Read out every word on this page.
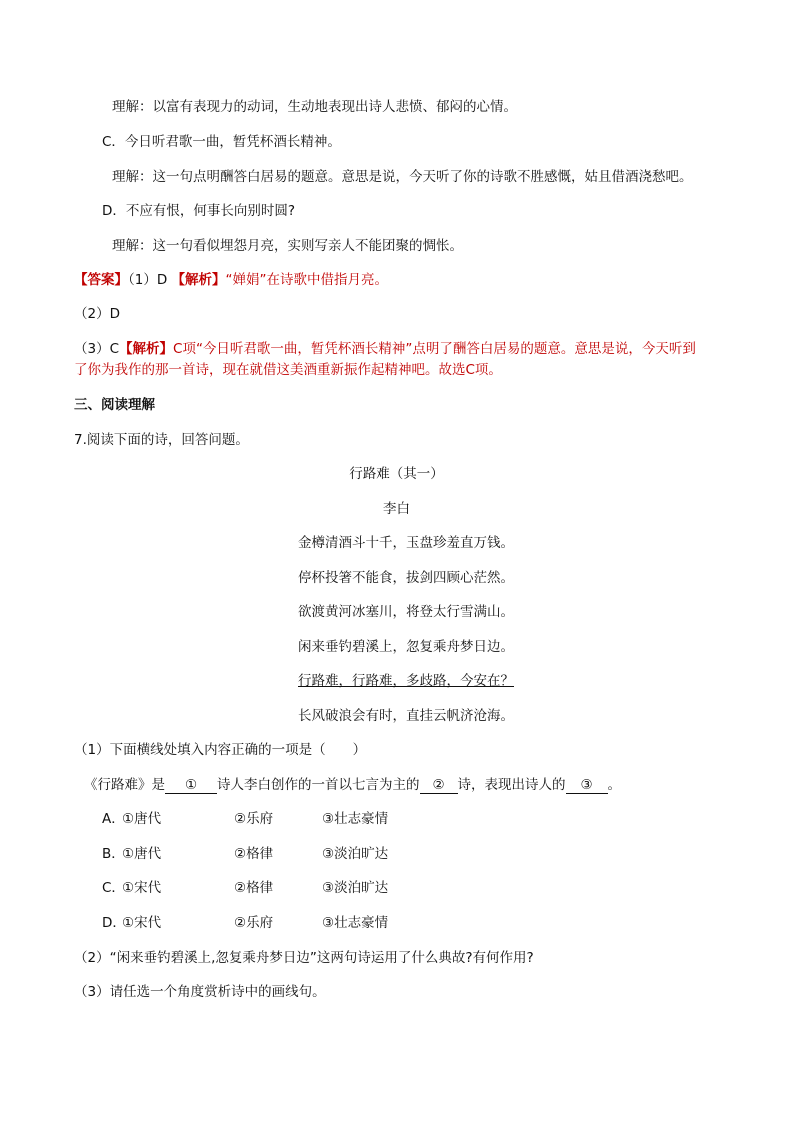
理解：以富有表现力的动词，生动地表现出诗人悲愤、郁闷的心情。
C．今日听君歌一曲，暂凭杯酒长精神。
理解：这一句点明酬答白居易的题意。意思是说，今天听了你的诗歌不胜感慨，姑且借酒浇愁吧。
D．不应有恨，何事长向别时圆?
理解：这一句看似埋怨月亮，实则写亲人不能团聚的惆怅。
【答案】（1）D 【解析】“婵娟”在诗歌中借指月亮。
（2）D
（3）C【解析】C项“今日听君歌一曲，暂凭杯酒长精神”点明了酬答白居易的题意。意思是说，今天听到
了你为我作的那一首诗，现在就借这美酒重新振作起精神吧。故选C项。
三、阅读理解
7.阅读下面的诗，回答问题。
行路难（其一）
李白
金樽清酒斗十千，玉盘珍羞直万钱。
停杯投箸不能食，拔剑四顾心茫然。
欲渡黄河冰塞川，将登太行雪满山。
闲来垂钓碧溪上，忽复乘舟梦日边。
行路难，行路难，多歧路，今安在？
长风破浪会有时，直挂云帆济沧海。
（1）下面横线处填入内容正确的一项是（　　）
《行路难》是 ① 诗人李白创作的一首以七言为主的 ② 诗，表现出诗人的 ③ 。
A．①唐代	②乐府	③壮志豪情
B．①唐代	②格律	③淡泊旷达
C．①宋代	②格律	③淡泊旷达
D．①宋代	②乐府	③壮志豪情
（2）“闲来垂钓碧溪上,忽复乘舟梦日边”这两句诗运用了什么典故?有何作用?
（3）请任选一个角度赏析诗中的画线句。
